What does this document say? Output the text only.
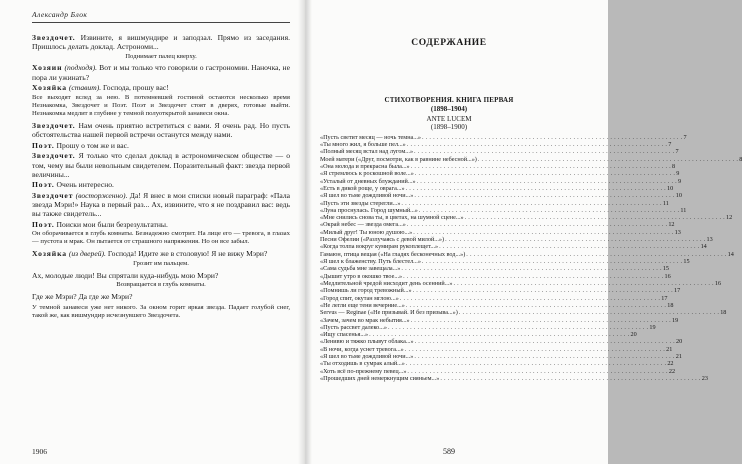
Александр Блок
Звездочет. Извините, я вишмундире и заподзал. Прямо из заседания. Пришлось делать доклад. Астрономи...
Поднимает палец кверху.
Хозяин (подходя). Вот и мы только что говорили о гастрономии. Наночка, не пора ли ужинать?
Хозяйка (ставит). Господа, прошу вас!
Все выходят вслед за нею. В потемневшей гостиной остаются несколько время Незнакомка, Звездочет и Поэт. Поэт и Звездочет стоят в дверях, готовые выйти. Незнакомка медлит в глубине у темной полуоткрытой занавеси окна.
Звездочет. Нам очень приятно встретиться с вами. Я очень рад. Но пусть обстоятельства нашей первой встречи останутся между нами.
Поэт. Прошу о том же и вас.
Звездочет. Я только что сделал доклад в астрономическом обществе — о том, чему вы были невольным свидетелем. Поразительный факт: звезда первой величины...
Поэт. Очень интересно.
Звездочет (восторженно). Да! Я внес в мои списки новый параграф: «Пала звезда Мэри!» Наука в первый раз... Ах, извините, что я не поздравил вас: ведь вы также свидетель...
Поэт. Поиски мои были безрезультатны.
Он оборачивается в глубь комнаты. Безнадежно смотрит. На лице его — тревога, в глазах — пустота и мрак. Он пытается от страшного напряжения. Но он все забыл.
Хозяйка (из дверей). Господа! Идите же в столовую! Я не вижу Мэри?
Грозит им пальцем.
Ах, молодые люди! Вы спрятали куда-нибудь мою Мэри?
Возвращается в глубь комнаты.
Где же Мэри? Да где же Мэри?
У темной занавеси уже нет никого. За окном горит яркая звезда. Падает голубой снег, такой же, как вишмундир исчезнувшего Звездочета.
1906
СОДЕРЖАНИЕ
СТИХОТВОРЕНИЯ. КНИГА ПЕРВАЯ
(1898–1904)
ANTE LUCEM
(1898–1900)
«Пусть светит месяц — ночь темна...» . . .	7
«Ты много жил, я больше пел...» . . .	7
«Полный месяц встал над лугом...» . . .	7
Моей матери («Друг, посмотри, как в равнине небесной...») . . .	8
«Она молода и прекрасна была...» . . .	8
«Я стремлюсь к роскошной воле...» . . .	9
«Усталый от дневных блужданий...» . . .	9
«Есть в дикой роще, у оврага...» . . .	10
«Я шел во тьме дождливой ночи...» . . .	10
«Пусть эти звезды стерегли...» . . .	11
«Луна проснулась. Город шумный...» . . .	11
«Мне снились снова ты, в цветах, на шумной сцене...» . . .	12
«Окрай небес — звезда омега...» . . .	12
«Милый друг! Ты юною душою...» . . .	13
Песни Офелии («Разлучаясь с девой милой...») . . .	13
«Когда толпа вокруг кумирам рукоплещет...» . . .	14
Гамаюн, птица вещая («На гладях бесконечных вод...») . . .	14
«Я шел к блаженству. Путь блестел...» . . .	15
«Сама судьба мне завещала...» . . .	15
«Дышит утро в окошко твое...» . . .	16
«Медлительной чредой нисходит день осенний...» . . .	16
«Помнишь ли город тревожный...» . . .	17
«Город спит, окутан мглою...» . . .	17
«Не легли еще тени вечерние...» . . .	18
Servus — Reginae («Не призывай. И без призыва...») . . .	18
«Зачем, зачем во мрак небытия...» . . .	19
«Пусть рассвет далеко...» . . .	19
«Ищу спасенья...» . . .	20
«Ленивю и тяжко плывут облака...» . . .	20
«В ночи, когда уснет тревога...» . . .	21
«Я шел во тьме дождливой ночи...» . . .	21
«Ты отходишь в сумрак алый...» . . .	22
«Хоть всё по-прежнему певец...» . . .	22
«Прошедших дней немеркнущим сияньем...» . . .	23
589
